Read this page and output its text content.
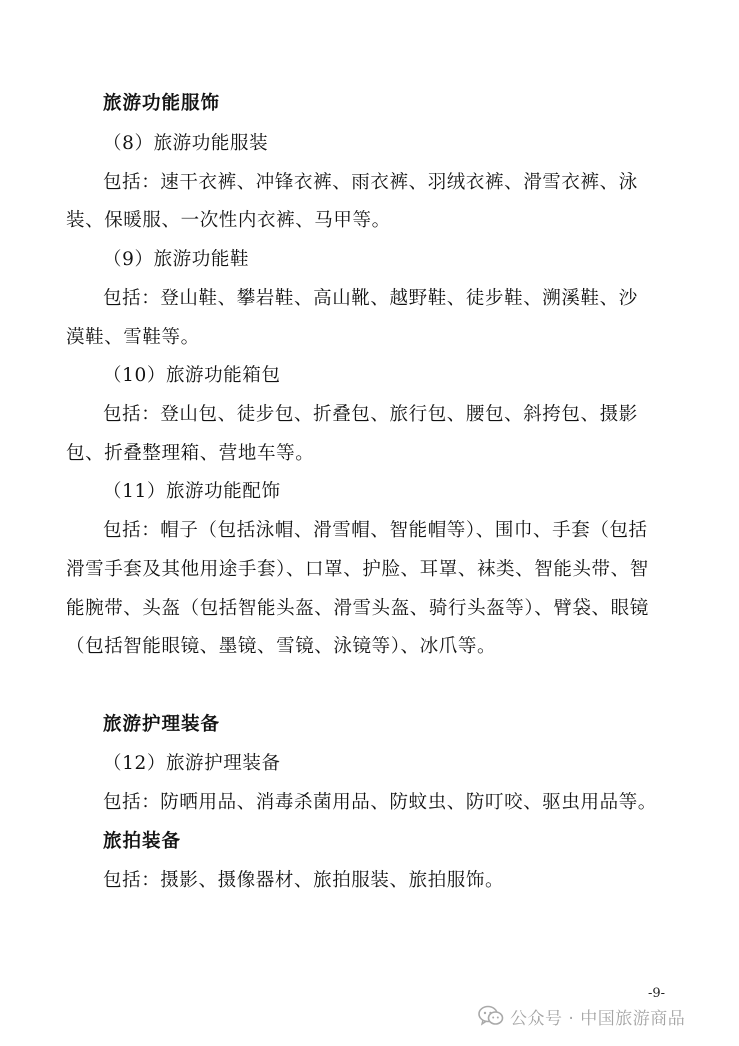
旅游功能服饰
（8）旅游功能服装
包括：速干衣裤、冲锋衣裤、雨衣裤、羽绒衣裤、滑雪衣裤、泳
装、保暖服、一次性内衣裤、马甲等。
（9）旅游功能鞋
包括：登山鞋、攀岩鞋、高山靴、越野鞋、徒步鞋、溯溪鞋、沙
漠鞋、雪鞋等。
（10）旅游功能箱包
包括：登山包、徒步包、折叠包、旅行包、腰包、斜挎包、摄影
包、折叠整理箱、营地车等。
（11）旅游功能配饰
包括：帽子（包括泳帽、滑雪帽、智能帽等）、围巾、手套（包括
滑雪手套及其他用途手套）、口罩、护脸、耳罩、袜类、智能头带、智
能腕带、头盔（包括智能头盔、滑雪头盔、骑行头盔等）、臂袋、眼镜
（包括智能眼镜、墨镜、雪镜、泳镜等）、冰爪等。
旅游护理装备
（12）旅游护理装备
包括：防晒用品、消毒杀菌用品、防蚊虫、防叮咬、驱虫用品等。
旅拍装备
包括：摄影、摄像器材、旅拍服装、旅拍服饰。
-9-
公众号 · 中国旅游商品
